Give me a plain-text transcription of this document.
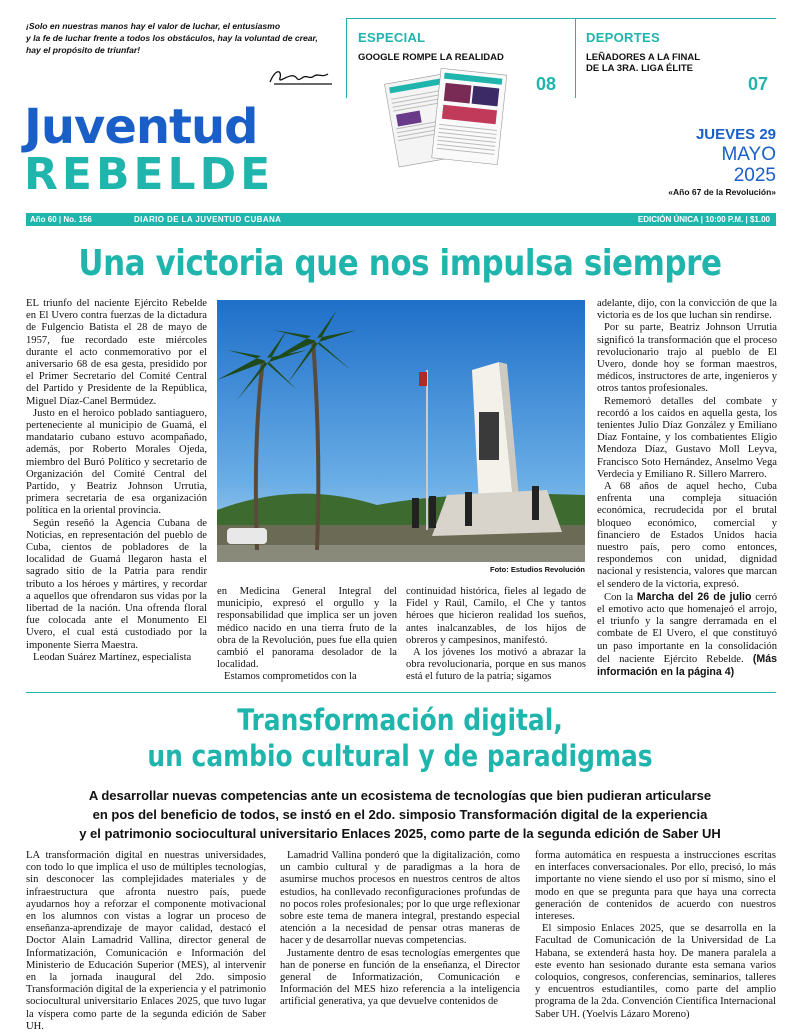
¡Solo en nuestras manos hay el valor de luchar, el entusiasmo
y la fe de luchar frente a todos los obstáculos, hay la voluntad de crear,
hay el propósito de triunfar!
ESPECIAL
GOOGLE ROMPE LA REALIDAD
08
DEPORTES
LEÑADORES A LA FINAL
DE LA 3RA. LIGA ÉLITE
07
Juventud
REBELDE
JUEVES 29
MAYO
2025
«Año 67 de la Revolución»
Año 60 | No. 156	DIARIO DE LA JUVENTUD CUBANA	EDICIÓN ÚNICA | 10:00 P.M. | $1.00
Una victoria que nos impulsa siempre

EL triunfo del naciente Ejército Rebelde en El Uvero contra fuerzas de la dictadura de Fulgencio Batista el 28 de mayo de 1957, fue recordado este miércoles durante el acto conmemorativo por el aniversario 68 de esa gesta, presidido por el Primer Secretario del Comité Central del Partido y Presidente de la República, Miguel Díaz-Canel Bermúdez.

Justo en el heroico poblado santiaguero, perteneciente al municipio de Guamá, el mandatario cubano estuvo acompañado, además, por Roberto Morales Ojeda, miembro del Buró Político y secretario de Organización del Comité Central del Partido, y Beatriz Johnson Urrutia, primera secretaria de esa organización política en la oriental provincia.

Según reseñó la Agencia Cubana de Noticias, en representación del pueblo de Cuba, cientos de pobladores de la localidad de Guamá llegaron hasta el sagrado sitio de la Patria para rendir tributo a los héroes y mártires, y recordar a aquellos que ofrendaron sus vidas por la libertad de la nación. Una ofrenda floral fue colocada ante el Monumento El Uvero, el cual está custodiado por la imponente Sierra Maestra.

Leodan Suárez Martínez, especialista

Foto: Estudios Revolución

en Medicina General Integral del municipio, expresó el orgullo y la responsabilidad que implica ser un joven médico nacido en una tierra fruto de la obra de la Revolución, pues fue ella quien cambió el panorama desolador de la localidad.

Estamos comprometidos con la

continuidad histórica, fieles al legado de Fidel y Raúl, Camilo, el Che y tantos héroes que hicieron realidad los sueños, antes inalcanzables, de los hijos de obreros y campesinos, manifestó.

A los jóvenes los motivó a abrazar la obra revolucionaria, porque en sus manos está el futuro de la patria; sigamos

adelante, dijo, con la convicción de que la victoria es de los que luchan sin rendirse.

Por su parte, Beatriz Johnson Urrutia significó la transformación que el proceso revolucionario trajo al pueblo de El Uvero, donde hoy se forman maestros, médicos, instructores de arte, ingenieros y otros tantos profesionales.

Rememoró detalles del combate y recordó a los caídos en aquella gesta, los tenientes Julio Díaz González y Emiliano Díaz Fontaine, y los combatientes Eligio Mendoza Díaz, Gustavo Moll Leyva, Francisco Soto Hernández, Anselmo Vega Verdecia y Emiliano R. Sillero Marrero.

A 68 años de aquel hecho, Cuba enfrenta una compleja situación económica, recrudecida por el brutal bloqueo económico, comercial y financiero de Estados Unidos hacia nuestro país, pero como entonces, respondemos con unidad, dignidad nacional y resistencia, valores que marcan el sendero de la victoria, expresó.

Con la Marcha del 26 de julio cerró el emotivo acto que homenajeó el arrojo, el triunfo y la sangre derramada en el combate de El Uvero, el que constituyó un paso importante en la consolidación del naciente Ejército Rebelde. (Más información en la página 4)

Transformación digital,
un cambio cultural y de paradigmas
A desarrollar nuevas competencias ante un ecosistema de tecnologías que bien pudieran articularse
en pos del beneficio de todos, se instó en el 2do. simposio Transformación digital de la experiencia
y el patrimonio sociocultural universitario Enlaces 2025, como parte de la segunda edición de Saber UH

LA transformación digital en nuestras universidades, con todo lo que implica el uso de múltiples tecnologías, sin desconocer las complejidades materiales y de infraestructura que afronta nuestro país, puede ayudarnos hoy a reforzar el componente motivacional en los alumnos con vistas a lograr un proceso de enseñanza-aprendizaje de mayor calidad, destacó el Doctor Alain Lamadrid Vallina, director general de Informatización, Comunicación e Información del Ministerio de Educación Superior (MES), al intervenir en la jornada inaugural del 2do. simposio Transformación digital de la experiencia y el patrimonio sociocultural universitario Enlaces 2025, que tuvo lugar la víspera como parte de la segunda edición de Saber UH.

Lamadrid Vallina ponderó que la digitalización, como un cambio cultural y de paradigmas a la hora de asumirse muchos procesos en nuestros centros de altos estudios, ha conllevado reconfiguraciones profundas de no pocos roles profesionales; por lo que urge reflexionar sobre este tema de manera integral, prestando especial atención a la necesidad de pensar otras maneras de hacer y de desarrollar nuevas competencias.

Justamente dentro de esas tecnologías emergentes que han de ponerse en función de la enseñanza, el Director general de Informatización, Comunicación e Información del MES hizo referencia a la inteligencia artificial generativa, ya que devuelve contenidos de

forma automática en respuesta a instrucciones escritas en interfaces conversacionales. Por ello, precisó, lo más importante no viene siendo el uso por sí mismo, sino el modo en que se pregunta para que haya una correcta generación de contenidos de acuerdo con nuestros intereses.

El simposio Enlaces 2025, que se desarrolla en la Facultad de Comunicación de la Universidad de La Habana, se extenderá hasta hoy. De manera paralela a este evento han sesionado durante esta semana varios coloquios, congresos, conferencias, seminarios, talleres y encuentros estudiantiles, como parte del amplio programa de la 2da. Convención Científica Internacional Saber UH. (Yoelvis Lázaro Moreno)
